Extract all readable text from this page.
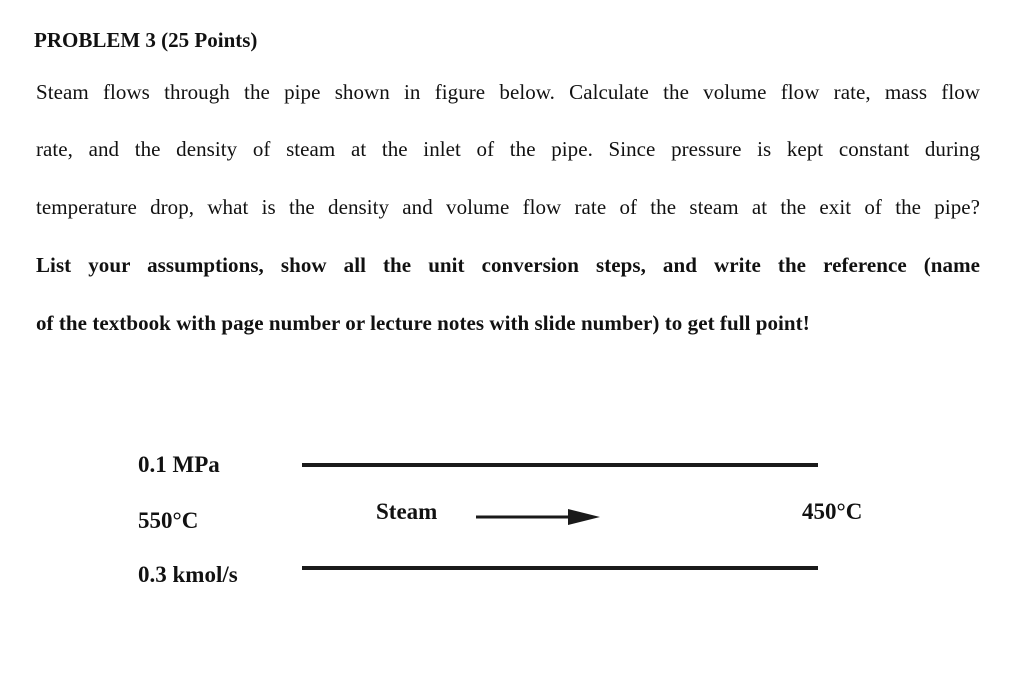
PROBLEM 3 (25 Points)
Steam flows through the pipe shown in figure below. Calculate the volume flow rate, mass flow
rate, and the density of steam at the inlet of the pipe. Since pressure is kept constant during
temperature drop, what is the density and volume flow rate of the steam at the exit of the pipe?
List your assumptions, show all the unit conversion steps, and write the reference (name
of the textbook with page number or lecture notes with slide number) to get full point!
0.1 MPa
550°C
0.3 kmol/s
Steam	450°C
